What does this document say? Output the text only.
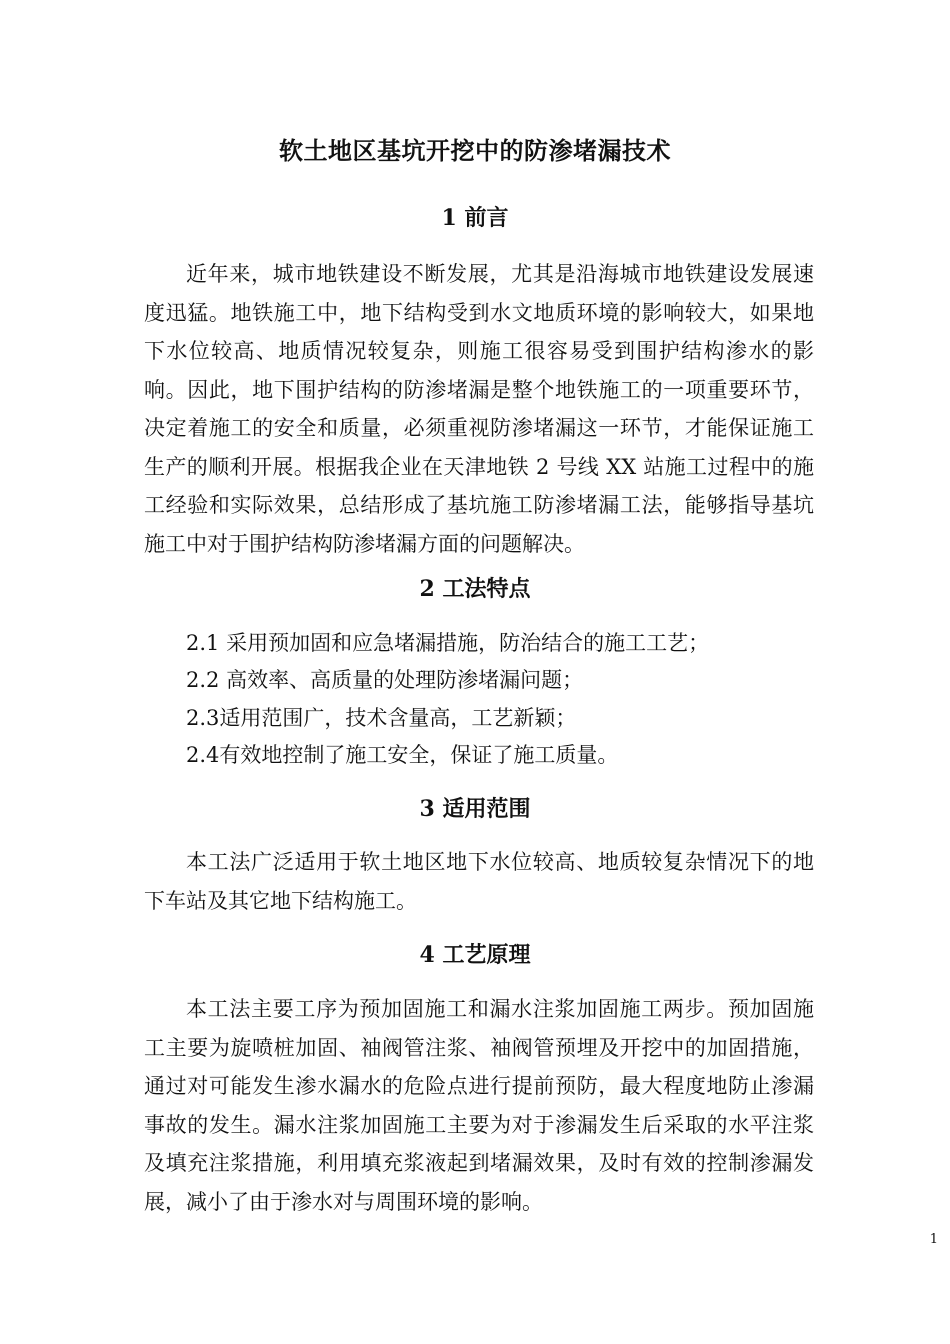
软土地区基坑开挖中的防渗堵漏技术
1 前言

近年来，城市地铁建设不断发展，尤其是沿海城市地铁建设发展速度迅猛。地铁施工中，地下结构受到水文地质环境的影响较大，如果地下水位较高、地质情况较复杂，则施工很容易受到围护结构渗水的影响。因此，地下围护结构的防渗堵漏是整个地铁施工的一项重要环节，决定着施工的安全和质量，必须重视防渗堵漏这一环节，才能保证施工生产的顺利开展。根据我企业在天津地铁 2 号线 XX 站施工过程中的施工经验和实际效果，总结形成了基坑施工防渗堵漏工法，能够指导基坑施工中对于围护结构防渗堵漏方面的问题解决。

2 工法特点
2.1 采用预加固和应急堵漏措施，防治结合的施工工艺；
2.2 高效率、高质量的处理防渗堵漏问题；
2.3适用范围广，技术含量高，工艺新颖；
2.4有效地控制了施工安全，保证了施工质量。
3 适用范围

本工法广泛适用于软土地区地下水位较高、地质较复杂情况下的地下车站及其它地下结构施工。

4 工艺原理

本工法主要工序为预加固施工和漏水注浆加固施工两步。预加固施工主要为旋喷桩加固、袖阀管注浆、袖阀管预埋及开挖中的加固措施，通过对可能发生渗水漏水的危险点进行提前预防，最大程度地防止渗漏事故的发生。漏水注浆加固施工主要为对于渗漏发生后采取的水平注浆及填充注浆措施，利用填充浆液起到堵漏效果，及时有效的控制渗漏发展，减小了由于渗水对与周围环境的影响。

1
